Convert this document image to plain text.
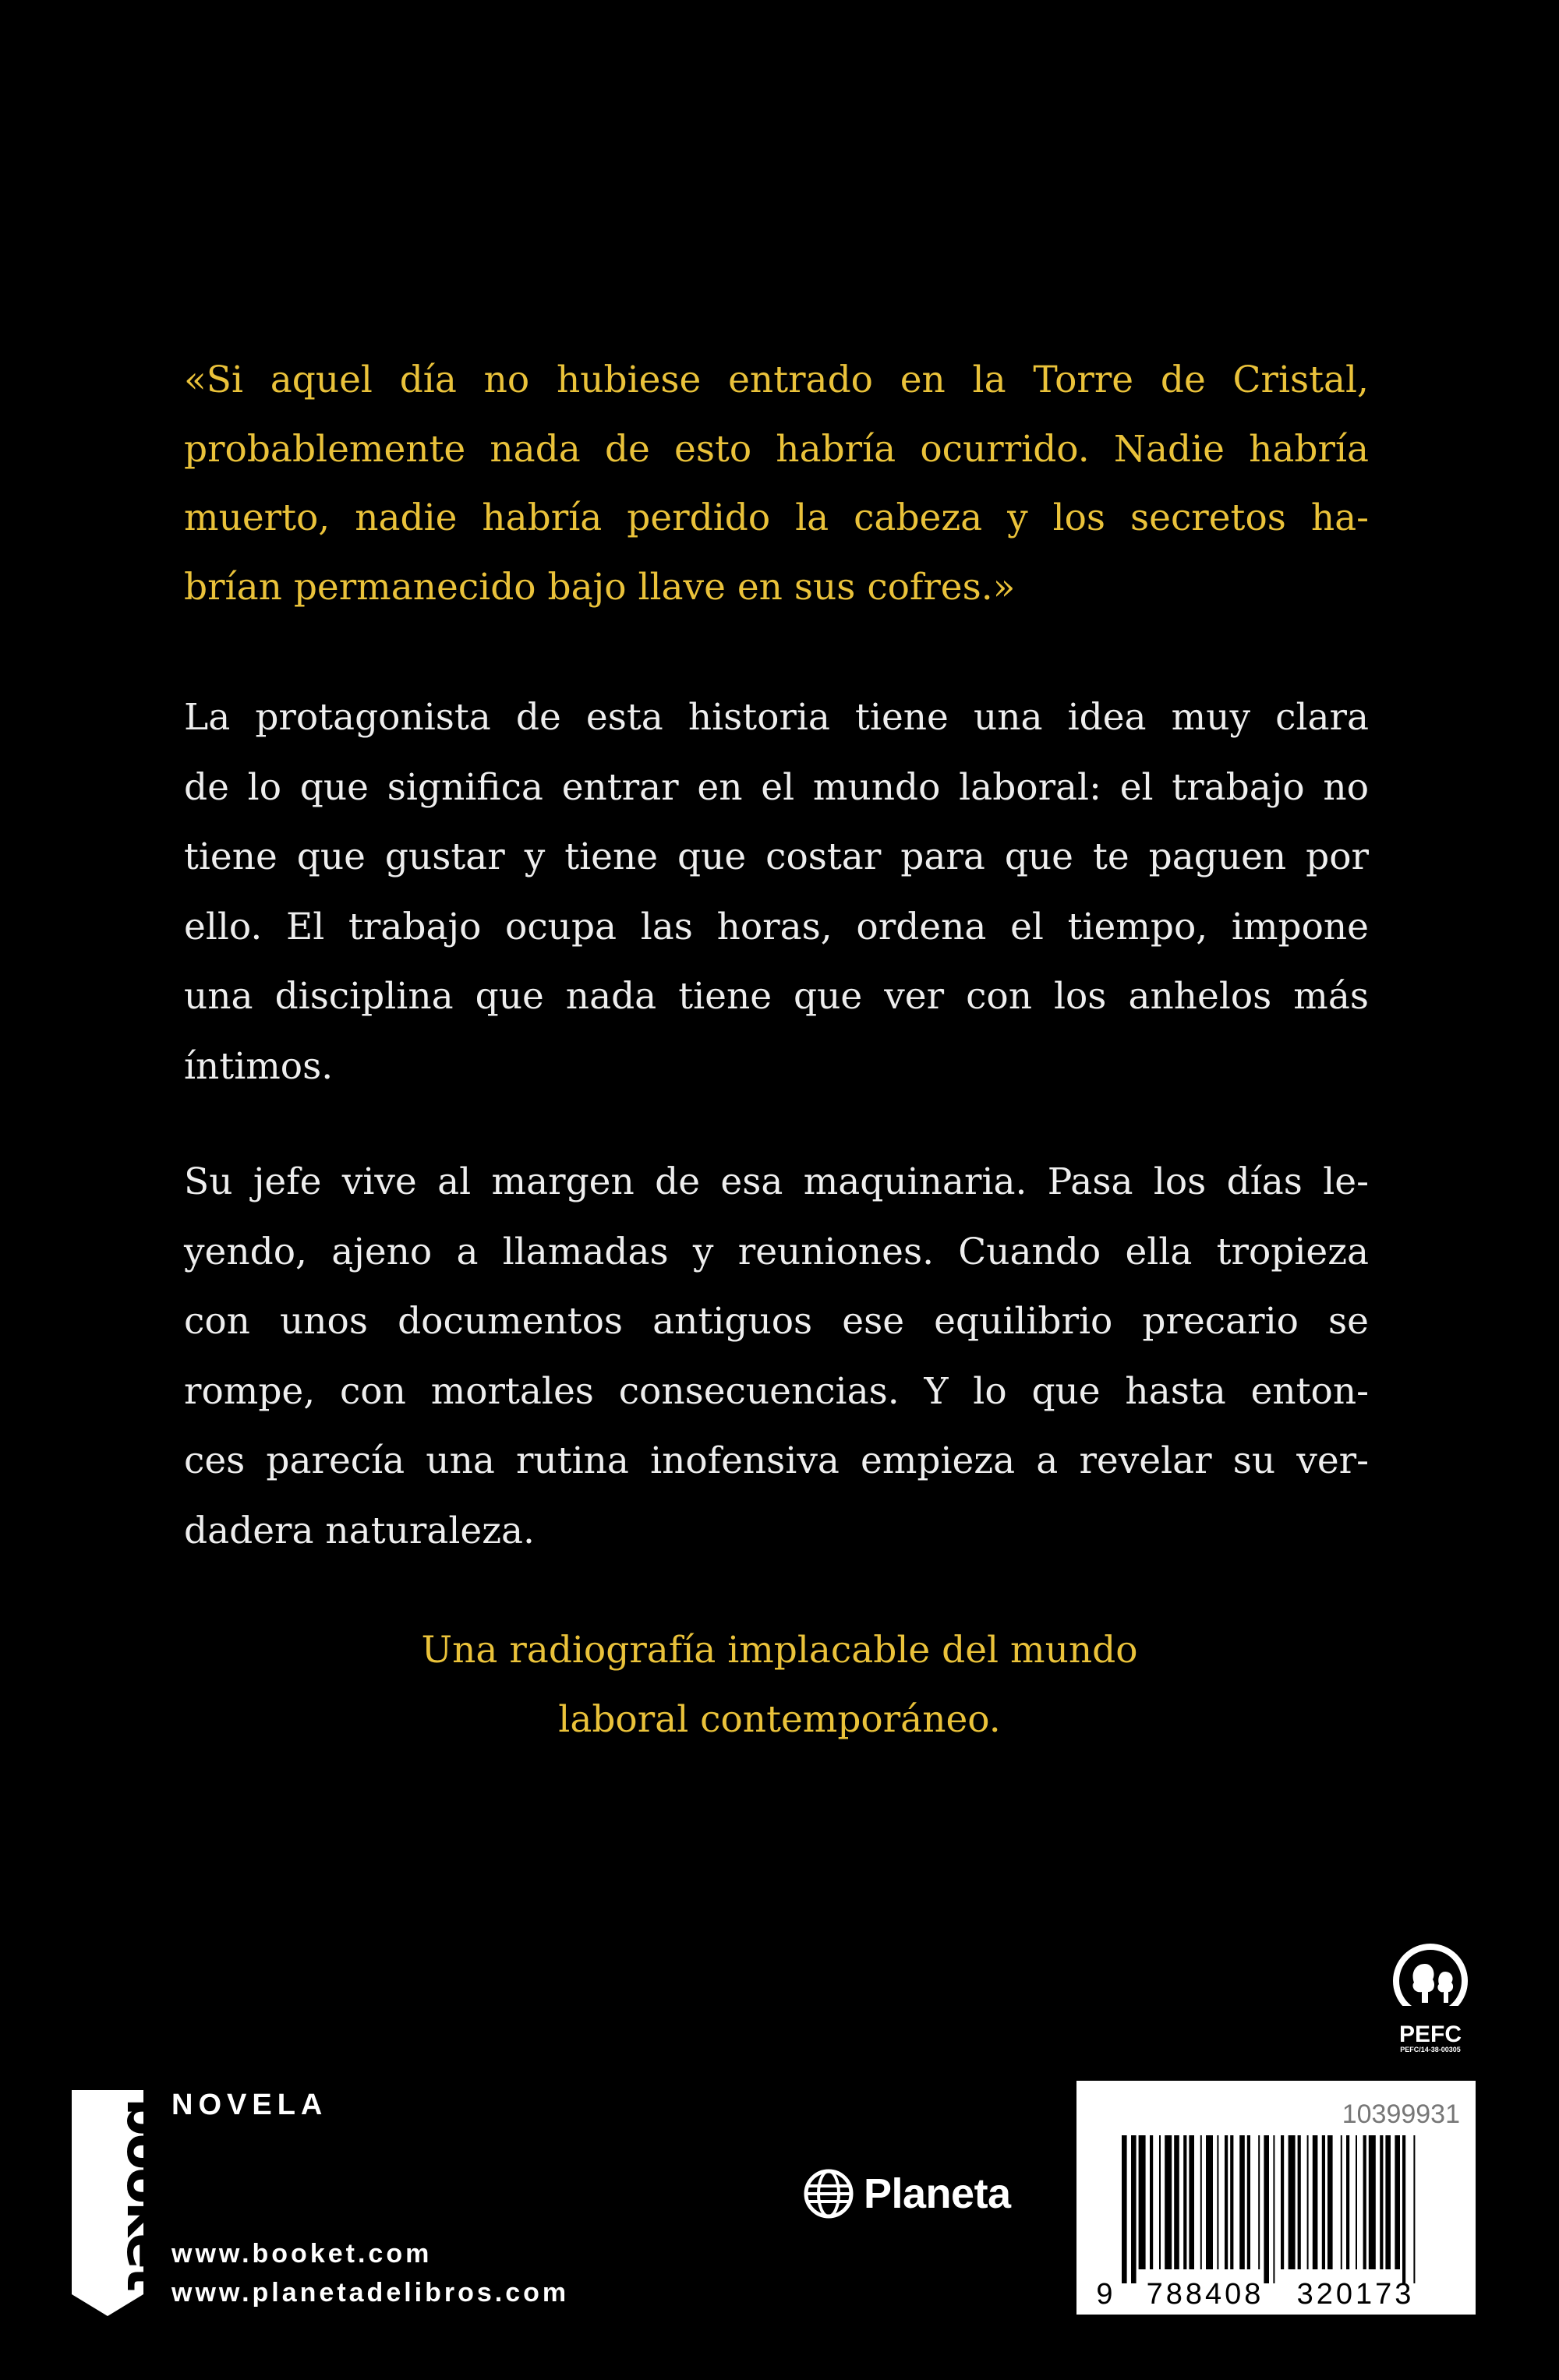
«Si aquel día no hubiese entrado en la Torre de Cristal,
probablemente nada de esto habría ocurrido. Nadie habría
muerto, nadie habría perdido la cabeza y los secretos ha-
brían permanecido bajo llave en sus cofres.»
La protagonista de esta historia tiene una idea muy clara
de lo que significa entrar en el mundo laboral: el trabajo no
tiene que gustar y tiene que costar para que te paguen por
ello. El trabajo ocupa las horas, ordena el tiempo, impone
una disciplina que nada tiene que ver con los anhelos más
íntimos.
Su jefe vive al margen de esa maquinaria. Pasa los días le-
yendo, ajeno a llamadas y reuniones. Cuando ella tropieza
con unos documentos antiguos ese equilibrio precario se
rompe, con mortales consecuencias. Y lo que hasta enton-
ces parecía una rutina inofensiva empieza a revelar su ver-
dadera naturaleza.
Una radiografía implacable del mundo
laboral contemporáneo.
PEFC
PEFC/14-38-00305
booket
NOVELA
www.booket.com
www.planetadelibros.com
Planeta
10399931
9 788408 320173
